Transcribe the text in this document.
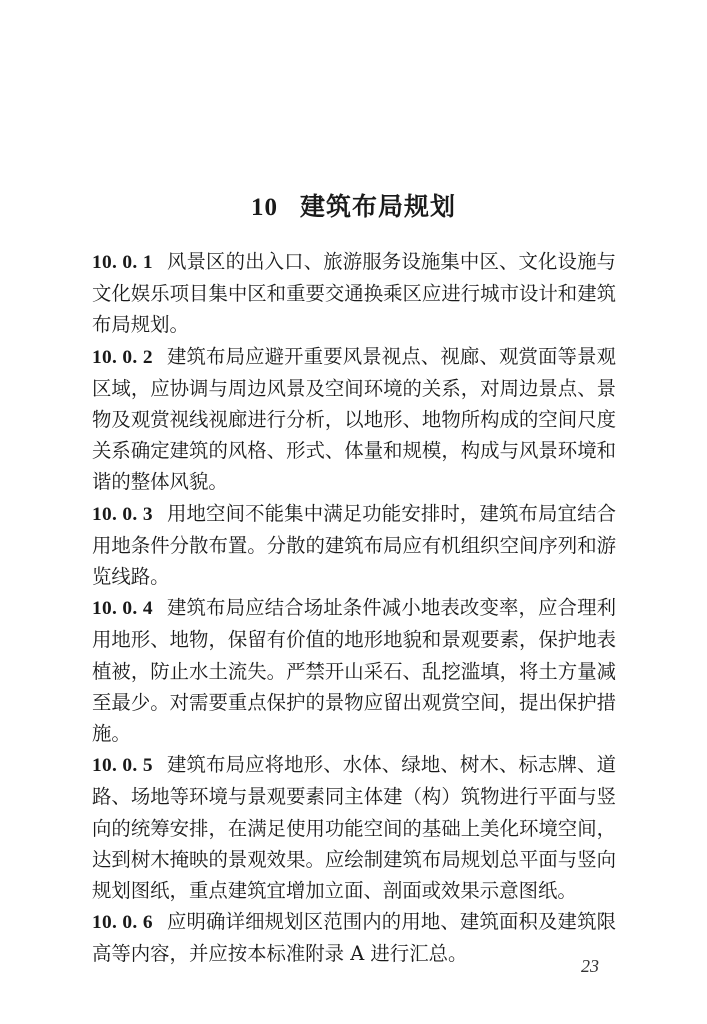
10 建筑布局规划

10. 0. 1 风景区的出入口、旅游服务设施集中区、文化设施与文化娱乐项目集中区和重要交通换乘区应进行城市设计和建筑布局规划。

10. 0. 2 建筑布局应避开重要风景视点、视廊、观赏面等景观区域，应协调与周边风景及空间环境的关系，对周边景点、景物及观赏视线视廊进行分析，以地形、地物所构成的空间尺度关系确定建筑的风格、形式、体量和规模，构成与风景环境和谐的整体风貌。

10. 0. 3 用地空间不能集中满足功能安排时，建筑布局宜结合用地条件分散布置。分散的建筑布局应有机组织空间序列和游览线路。

10. 0. 4 建筑布局应结合场址条件减小地表改变率，应合理利用地形、地物，保留有价值的地形地貌和景观要素，保护地表植被，防止水土流失。严禁开山采石、乱挖滥填，将土方量减至最少。对需要重点保护的景物应留出观赏空间，提出保护措施。

10. 0. 5 建筑布局应将地形、水体、绿地、树木、标志牌、道路、场地等环境与景观要素同主体建（构）筑物进行平面与竖向的统筹安排，在满足使用功能空间的基础上美化环境空间，达到树木掩映的景观效果。应绘制建筑布局规划总平面与竖向规划图纸，重点建筑宜增加立面、剖面或效果示意图纸。

10. 0. 6 应明确详细规划区范围内的用地、建筑面积及建筑限高等内容，并应按本标准附录 A 进行汇总。

23
